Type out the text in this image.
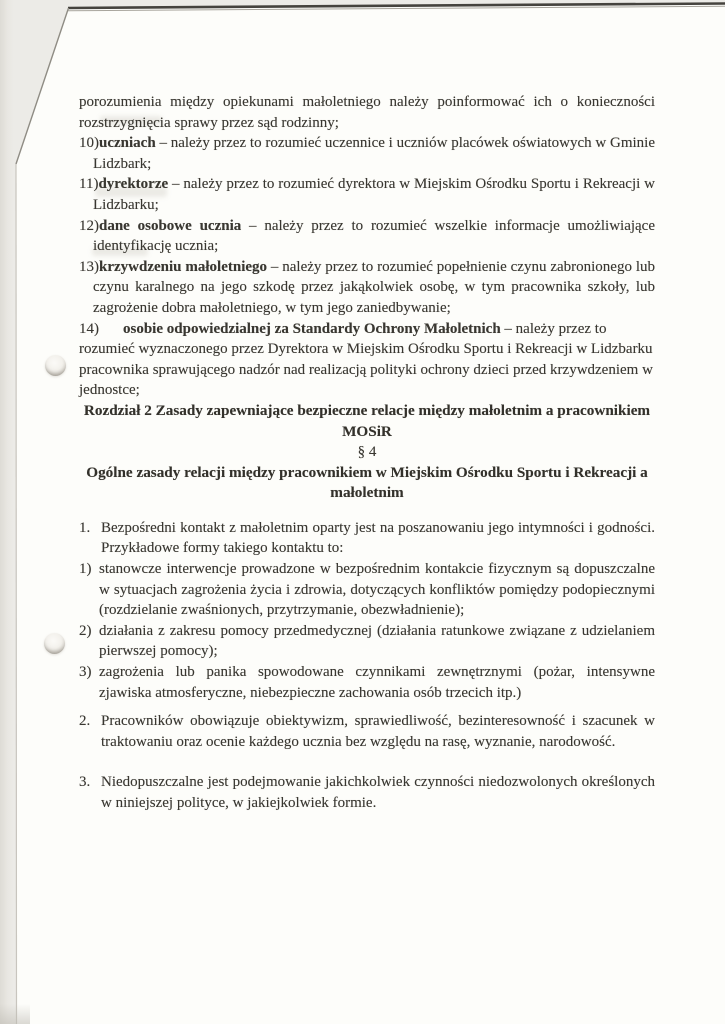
porozumienia między opiekunami małoletniego należy poinformować ich o konieczności rozstrzygnięcia sprawy przez sąd rodzinny;

10)uczniach – należy przez to rozumieć uczennice i uczniów placówek oświatowych w Gminie Lidzbark;

11)dyrektorze – należy przez to rozumieć dyrektora w Miejskim Ośrodku Sportu i Rekreacji w Lidzbarku;

12)dane osobowe ucznia – należy przez to rozumieć wszelkie informacje umożliwiające identyfikację ucznia;

13)krzywdzeniu małoletniego – należy przez to rozumieć popełnienie czynu zabronionego lub czynu karalnego na jego szkodę przez jakąkolwiek osobę, w tym pracownika szkoły, lub zagrożenie dobra małoletniego, w tym jego zaniedbywanie;

14) osobie odpowiedzialnej za Standardy Ochrony Małoletnich – należy przez to rozumieć wyznaczonego przez Dyrektora w Miejskim Ośrodku Sportu i Rekreacji w Lidzbarku pracownika sprawującego nadzór nad realizacją polityki ochrony dzieci przed krzywdzeniem w jednostce;

Rozdział 2 Zasady zapewniające bezpieczne relacje między małoletnim a pracownikiem MOSiR

§ 4

Ogólne zasady relacji między pracownikiem w Miejskim Ośrodku Sportu i Rekreacji a małoletnim

1. Bezpośredni kontakt z małoletnim oparty jest na poszanowaniu jego intymności i godności. Przykładowe formy takiego kontaktu to:

1) stanowcze interwencje prowadzone w bezpośrednim kontakcie fizycznym są dopuszczalne w sytuacjach zagrożenia życia i zdrowia, dotyczących konfliktów pomiędzy podopiecznymi (rozdzielanie zwaśnionych, przytrzymanie, obezwładnienie);

2) działania z zakresu pomocy przedmedycznej (działania ratunkowe związane z udzielaniem pierwszej pomocy);

3) zagrożenia lub panika spowodowane czynnikami zewnętrznymi (pożar, intensywne zjawiska atmosferyczne, niebezpieczne zachowania osób trzecich itp.)

2. Pracowników obowiązuje obiektywizm, sprawiedliwość, bezinteresowność i szacunek w traktowaniu oraz ocenie każdego ucznia bez względu na rasę, wyznanie, narodowość.

3. Niedopuszczalne jest podejmowanie jakichkolwiek czynności niedozwolonych określonych w niniejszej polityce, w jakiejkolwiek formie.
